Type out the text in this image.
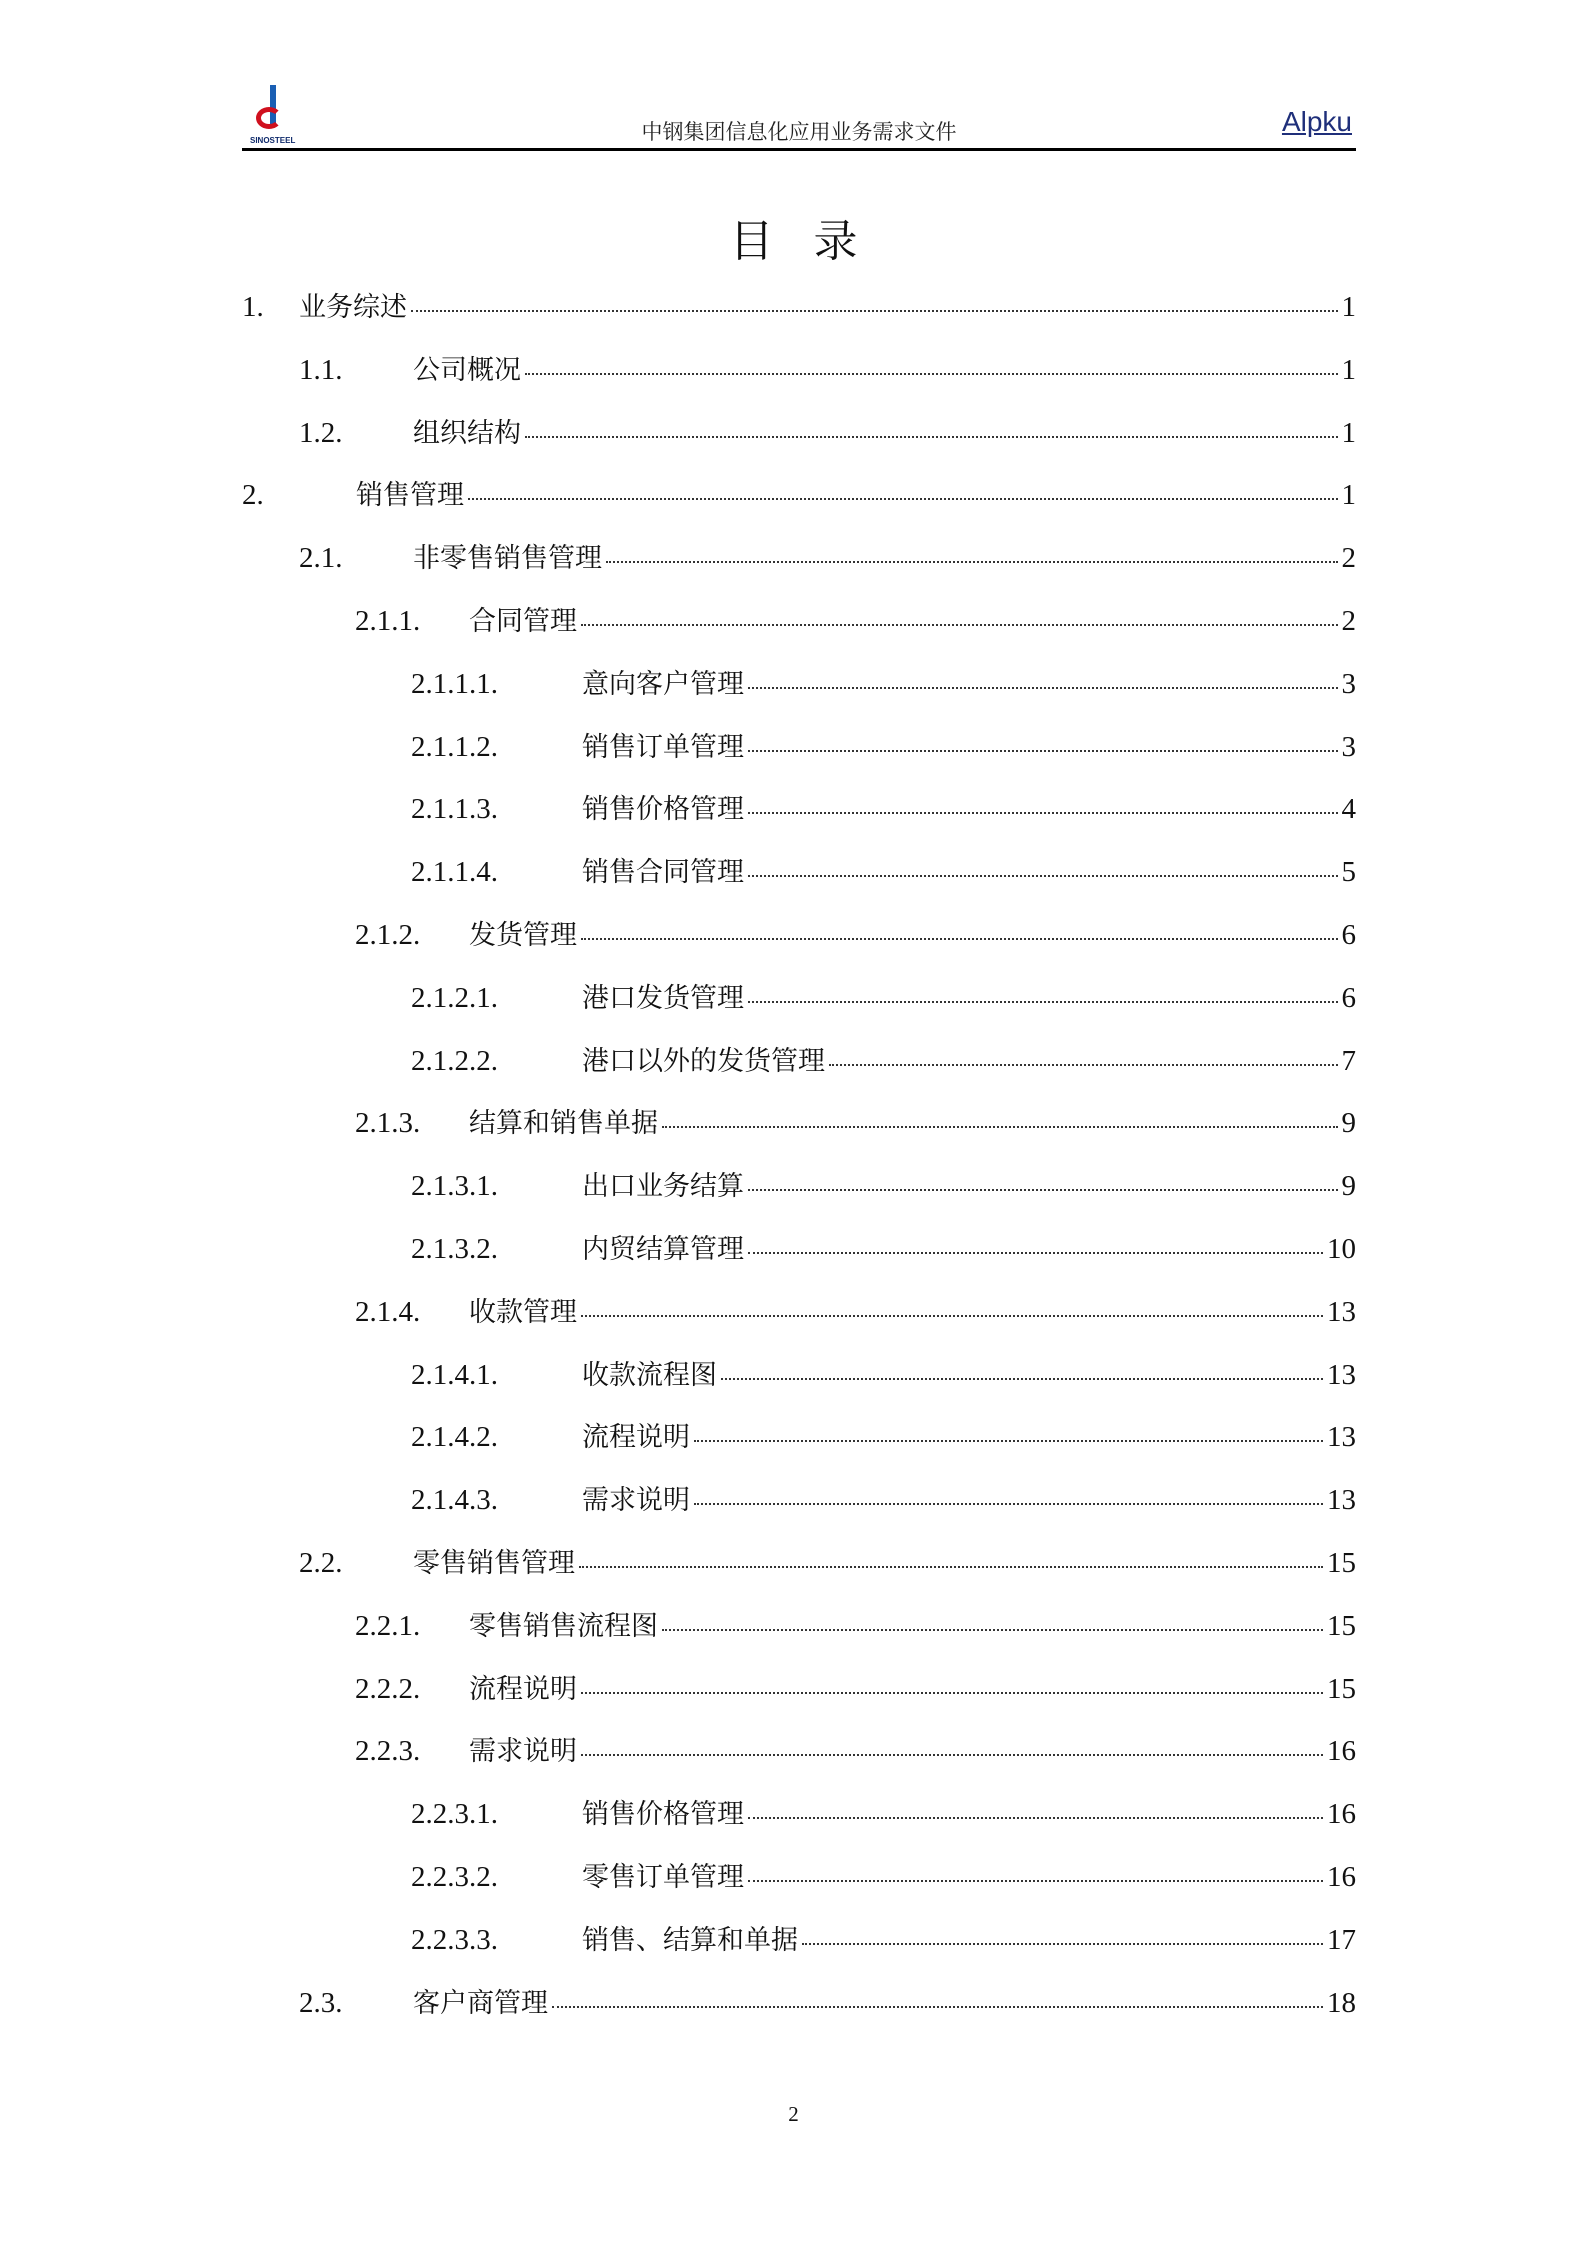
SINOSTEEL	中钢集团信息化应用业务需求文件	Alpku
目录
1.	业务综述	1
1.1.	公司概况	1
1.2.	组织结构	1
2.	销售管理	1
2.1.	非零售销售管理	2
2.1.1.	合同管理	2
2.1.1.1.	意向客户管理	3
2.1.1.2.	销售订单管理	3
2.1.1.3.	销售价格管理	4
2.1.1.4.	销售合同管理	5
2.1.2.	发货管理	6
2.1.2.1.	港口发货管理	6
2.1.2.2.	港口以外的发货管理	7
2.1.3.	结算和销售单据	9
2.1.3.1.	出口业务结算	9
2.1.3.2.	内贸结算管理	10
2.1.4.	收款管理	13
2.1.4.1.	收款流程图	13
2.1.4.2.	流程说明	13
2.1.4.3.	需求说明	13
2.2.	零售销售管理	15
2.2.1.	零售销售流程图	15
2.2.2.	流程说明	15
2.2.3.	需求说明	16
2.2.3.1.	销售价格管理	16
2.2.3.2.	零售订单管理	16
2.2.3.3.	销售、结算和单据	17
2.3.	客户商管理	18
2
